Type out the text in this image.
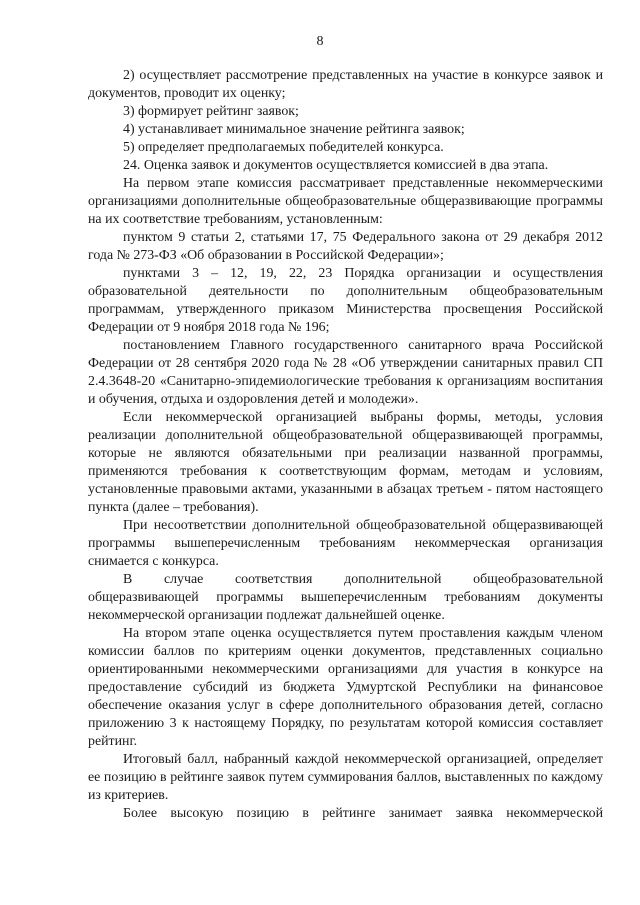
8

2) осуществляет рассмотрение представленных на участие в конкурсе заявок и документов, проводит их оценку;

3) формирует рейтинг заявок;

4) устанавливает минимальное значение рейтинга заявок;

5) определяет предполагаемых победителей конкурса.

24. Оценка заявок и документов осуществляется комиссией в два этапа.

На первом этапе комиссия рассматривает представленные некоммерческими организациями дополнительные общеобразовательные общеразвивающие программы на их соответствие требованиям, установленным:

пунктом 9 статьи 2, статьями 17, 75 Федерального закона от 29 декабря 2012 года № 273-ФЗ «Об образовании в Российской Федерации»;

пунктами 3 – 12, 19, 22, 23 Порядка организации и осуществления образовательной деятельности по дополнительным общеобразовательным программам, утвержденного приказом Министерства просвещения Российской Федерации от 9 ноября 2018 года № 196;

постановлением Главного государственного санитарного врача Российской Федерации от 28 сентября 2020 года № 28 «Об утверждении санитарных правил СП 2.4.3648-20 «Санитарно-эпидемиологические требования к организациям воспитания и обучения, отдыха и оздоровления детей и молодежи».

Если некоммерческой организацией выбраны формы, методы, условия реализации дополнительной общеобразовательной общеразвивающей программы, которые не являются обязательными при реализации названной программы, применяются требования к соответствующим формам, методам и условиям, установленные правовыми актами, указанными в абзацах третьем - пятом настоящего пункта (далее – требования).

При несоответствии дополнительной общеобразовательной общеразвивающей программы вышеперечисленным требованиям некоммерческая организация снимается с конкурса.

В случае соответствия дополнительной общеобразовательной общеразвивающей программы вышеперечисленным требованиям документы некоммерческой организации подлежат дальнейшей оценке.

На втором этапе оценка осуществляется путем проставления каждым членом комиссии баллов по критериям оценки документов, представленных социально ориентированными некоммерческими организациями для участия в конкурсе на предоставление субсидий из бюджета Удмуртской Республики на финансовое обеспечение оказания услуг в сфере дополнительного образования детей, согласно приложению 3 к настоящему Порядку, по результатам которой комиссия составляет рейтинг.

Итоговый балл, набранный каждой некоммерческой организацией, определяет ее позицию в рейтинге заявок путем суммирования баллов, выставленных по каждому из критериев.

Более высокую позицию в рейтинге занимает заявка некоммерческой
